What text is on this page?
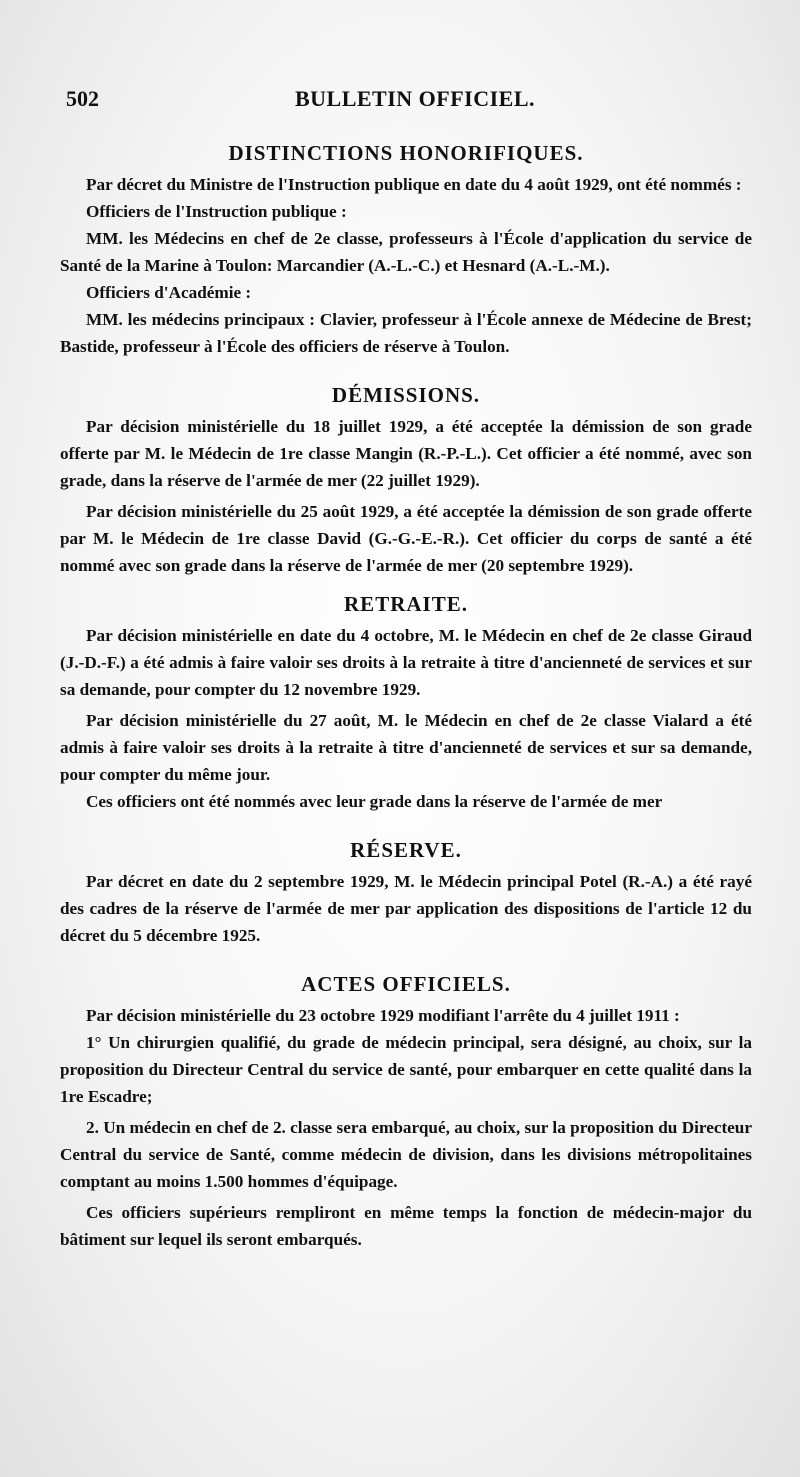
502	BULLETIN OFFICIEL.
DISTINCTIONS HONORIFIQUES.

Par décret du Ministre de l'Instruction publique en date du 4 août 1929, ont été nommés :

Officiers de l'Instruction publique :

MM. les Médecins en chef de 2e classe, professeurs à l'École d'application du service de Santé de la Marine à Toulon: Marcandier (A.-L.-C.) et Hesnard (A.-L.-M.).

Officiers d'Académie :

MM. les médecins principaux : Clavier, professeur à l'École annexe de Médecine de Brest; Bastide, professeur à l'École des officiers de réserve à Toulon.

DÉMISSIONS.

Par décision ministérielle du 18 juillet 1929, a été acceptée la démission de son grade offerte par M. le Médecin de 1re classe Mangin (R.-P.-L.). Cet officier a été nommé, avec son grade, dans la réserve de l'armée de mer (22 juillet 1929).

Par décision ministérielle du 25 août 1929, a été acceptée la démission de son grade offerte par M. le Médecin de 1re classe David (G.-G.-E.-R.). Cet officier du corps de santé a été nommé avec son grade dans la réserve de l'armée de mer (20 septembre 1929).

RETRAITE.

Par décision ministérielle en date du 4 octobre, M. le Médecin en chef de 2e classe Giraud (J.-D.-F.) a été admis à faire valoir ses droits à la retraite à titre d'ancienneté de services et sur sa demande, pour compter du 12 novembre 1929.

Par décision ministérielle du 27 août, M. le Médecin en chef de 2e classe Vialard a été admis à faire valoir ses droits à la retraite à titre d'ancienneté de services et sur sa demande, pour compter du même jour.

Ces officiers ont été nommés avec leur grade dans la réserve de l'armée de mer

RÉSERVE.

Par décret en date du 2 septembre 1929, M. le Médecin principal Potel (R.-A.) a été rayé des cadres de la réserve de l'armée de mer par application des dispositions de l'article 12 du décret du 5 décembre 1925.

ACTES OFFICIELS.

Par décision ministérielle du 23 octobre 1929 modifiant l'arrête du 4 juillet 1911 :

1° Un chirurgien qualifié, du grade de médecin principal, sera désigné, au choix, sur la proposition du Directeur Central du service de santé, pour embarquer en cette qualité dans la 1re Escadre;

2. Un médecin en chef de 2. classe sera embarqué, au choix, sur la proposition du Directeur Central du service de Santé, comme médecin de division, dans les divisions métropolitaines comptant au moins 1.500 hommes d'équipage.

Ces officiers supérieurs rempliront en même temps la fonction de médecin-major du bâtiment sur lequel ils seront embarqués.
